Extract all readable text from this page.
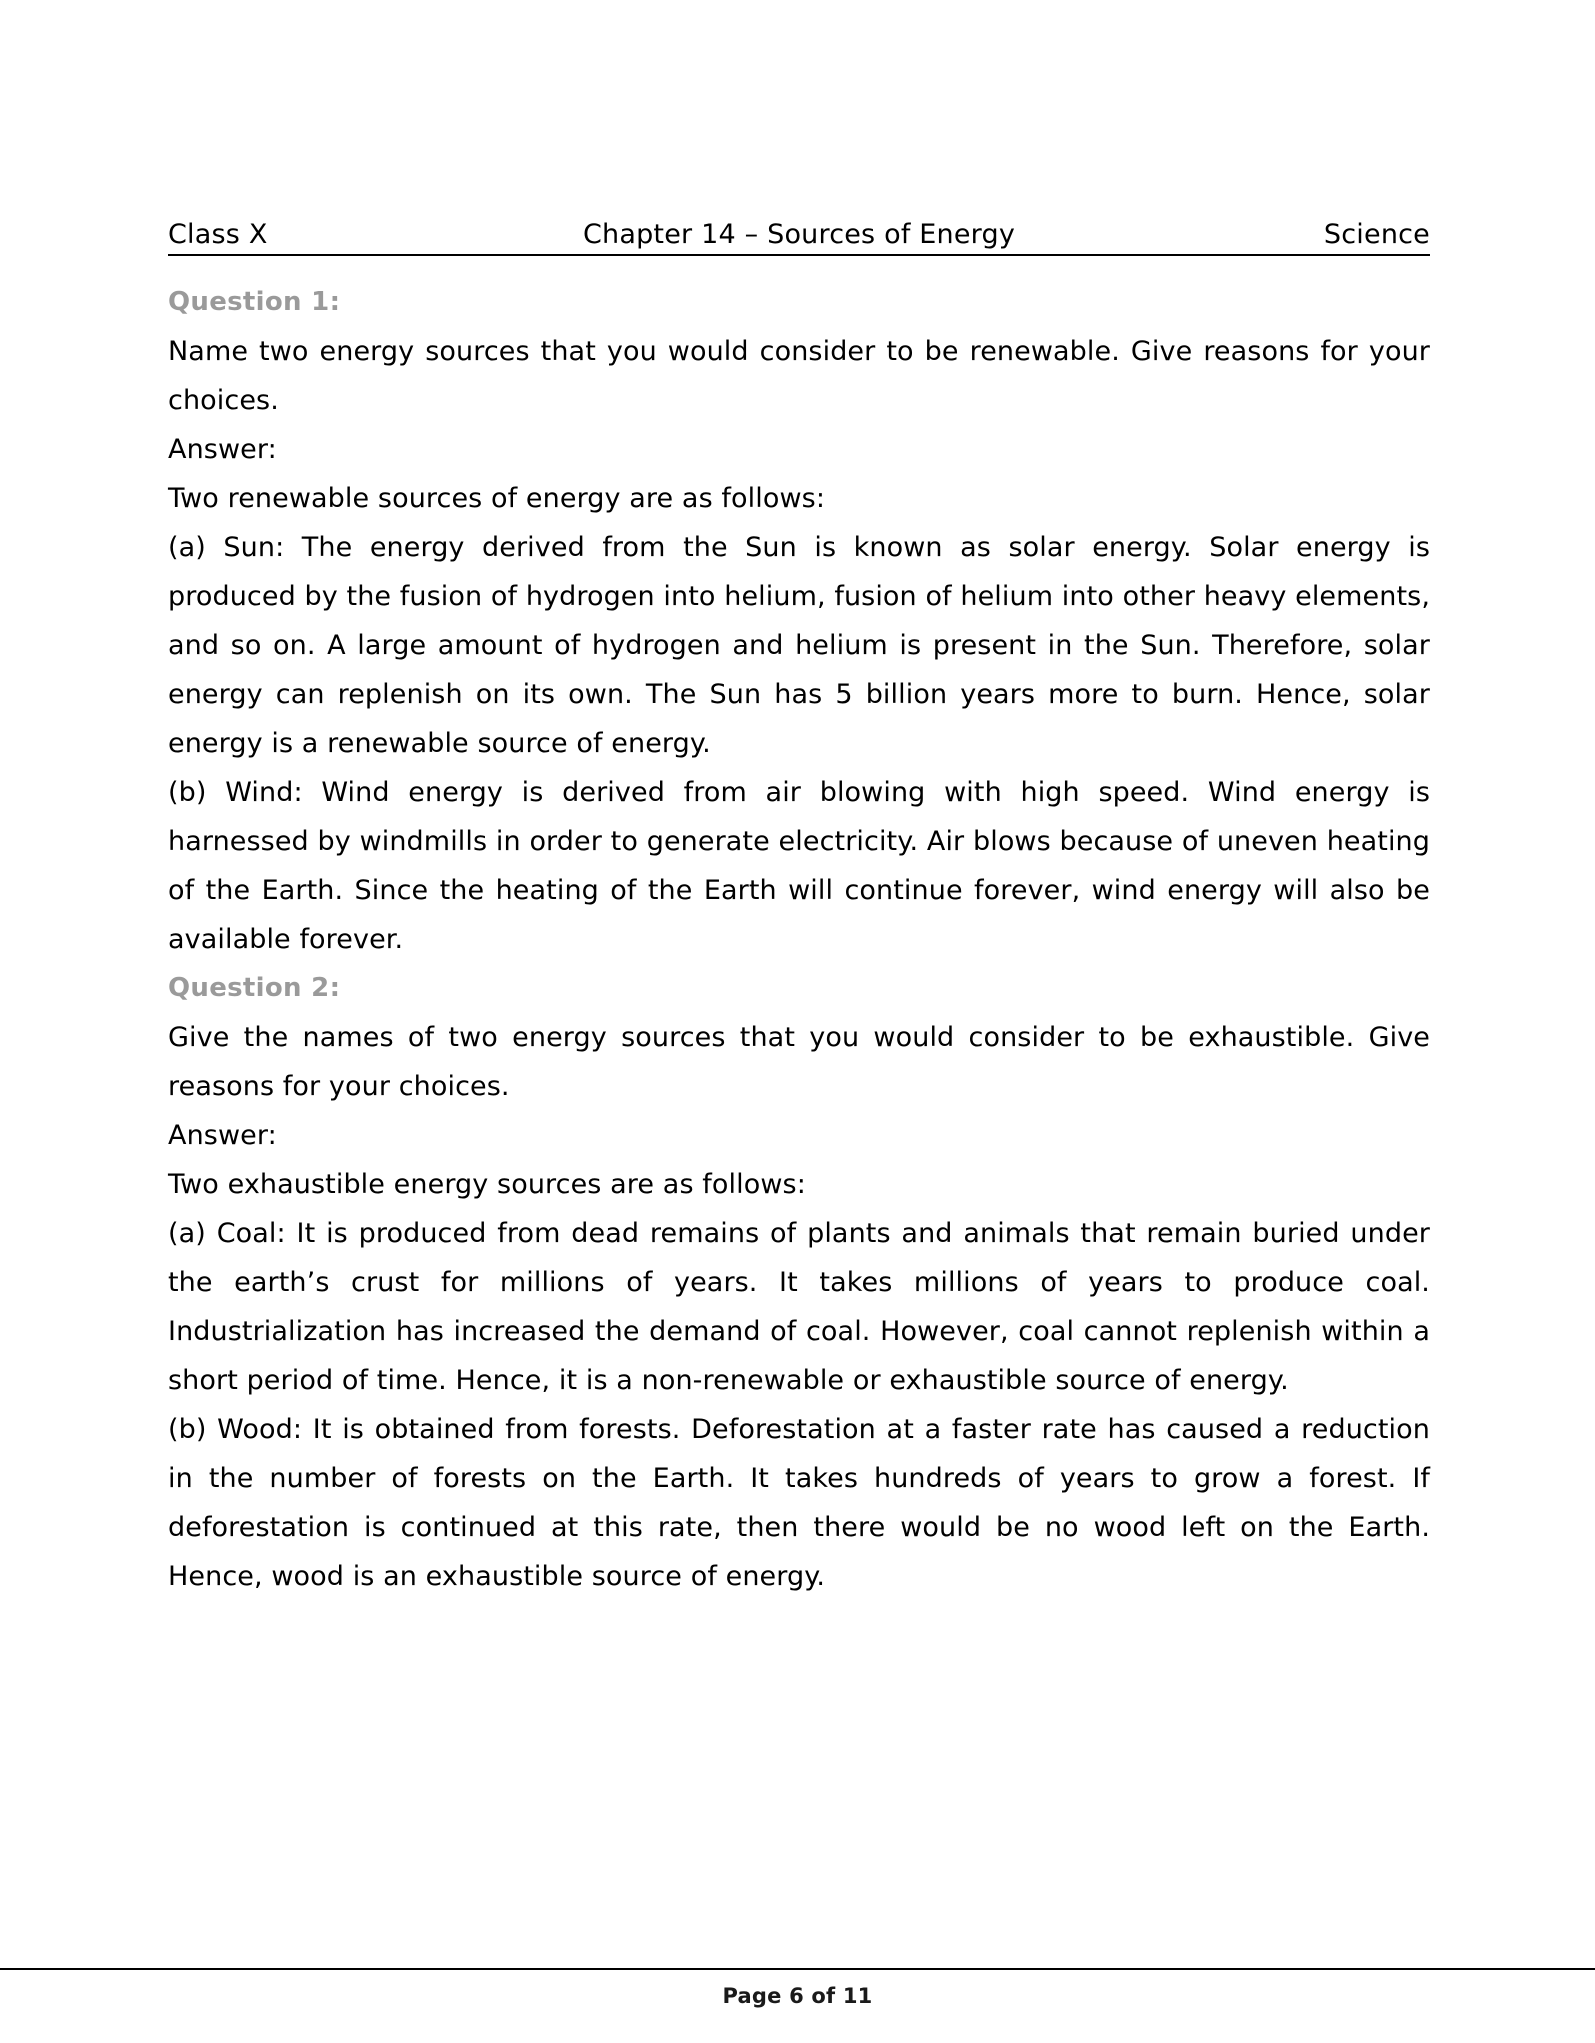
Class X	Chapter 14 – Sources of Energy	Science
Question 1:

Name two energy sources that you would consider to be renewable. Give reasons for your choices.

Answer:

Two renewable sources of energy are as follows:

(a) Sun: The energy derived from the Sun is known as solar energy. Solar energy is produced by the fusion of hydrogen into helium, fusion of helium into other heavy elements, and so on. A large amount of hydrogen and helium is present in the Sun. Therefore, solar energy can replenish on its own. The Sun has 5 billion years more to burn. Hence, solar energy is a renewable source of energy.

(b) Wind: Wind energy is derived from air blowing with high speed. Wind energy is harnessed by windmills in order to generate electricity. Air blows because of uneven heating of the Earth. Since the heating of the Earth will continue forever, wind energy will also be available forever.

Question 2:

Give the names of two energy sources that you would consider to be exhaustible. Give reasons for your choices.

Answer:

Two exhaustible energy sources are as follows:

(a) Coal: It is produced from dead remains of plants and animals that remain buried under the earth’s crust for millions of years. It takes millions of years to produce coal. Industrialization has increased the demand of coal. However, coal cannot replenish within a short period of time. Hence, it is a non-renewable or exhaustible source of energy.

(b) Wood: It is obtained from forests. Deforestation at a faster rate has caused a reduction in the number of forests on the Earth. It takes hundreds of years to grow a forest. If deforestation is continued at this rate, then there would be no wood left on the Earth. Hence, wood is an exhaustible source of energy.

Page 6 of 11
